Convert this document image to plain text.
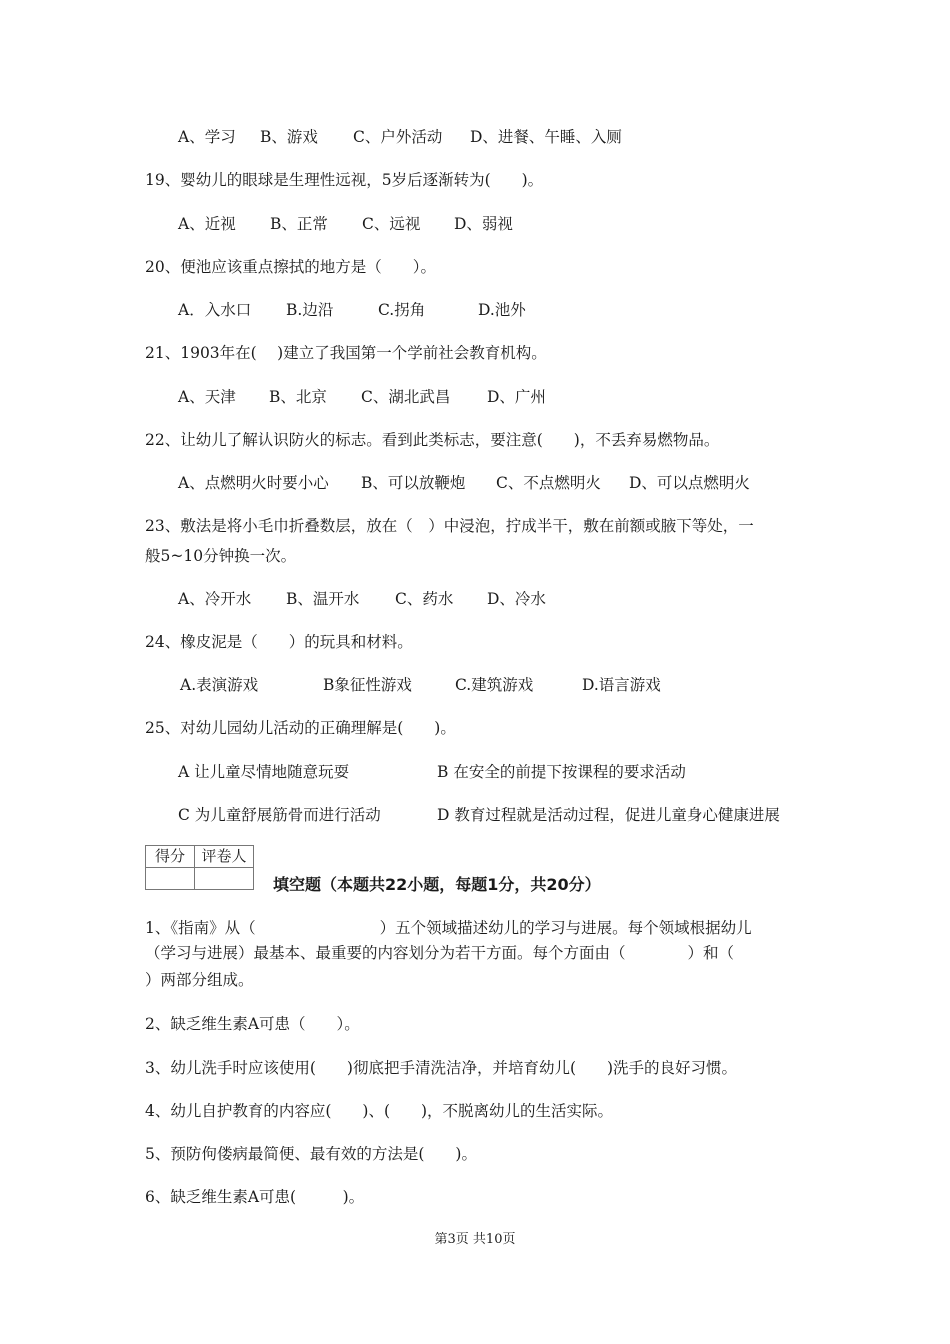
A、学习

B、游戏

C、户外活动

D、进餐、午睡、入厕

19、婴幼儿的眼球是生理性远视，5岁后逐渐转为(　　)。

A、近视

B、正常

C、远视

D、弱视

20、便池应该重点擦拭的地方是（　　）。

A．入水口

B.边沿

	C.拐角

	D.池外

21、1903年在(　 )建立了我国第一个学前社会教育机构。

A、天津

B、北京

C、湖北武昌

D、广州

22、让幼儿了解认识防火的标志。看到此类标志，要注意(　　)，不丢弃易燃物品。

A、点燃明火时要小心

B、可以放鞭炮

C、不点燃明火

D、可以点燃明火

23、敷法是将小毛巾折叠数层，放在（　）中浸泡，拧成半干，敷在前额或腋下等处，一
般5~10分钟换一次。

A、冷开水

B、温开水

C、药水

D、冷水

24、橡皮泥是（　　）的玩具和材料。

A.表演游戏

	B象征性游戏

	C.建筑游戏

	D.语言游戏

25、对幼儿园幼儿活动的正确理解是(　　)。

A 让儿童尽情地随意玩耍

	B 在安全的前提下按课程的要求活动

C 为儿童舒展筋骨而进行活动

	D 教育过程就是活动过程，促进儿童身心健康进展

得分	评卷人

填空题（本题共22小题，每题1分，共20分）
1、《指南》从（　　　　　　　　）五个领域描述幼儿的学习与进展。每个领域根据幼儿
（学习与进展）最基本、最重要的内容划分为若干方面。每个方面由（　　　　）和（
）两部分组成。
2、缺乏维生素A可患（　　）。
3、幼儿洗手时应该使用(　　)彻底把手清洗洁净，并培育幼儿(　　)洗手的良好习惯。
4、幼儿自护教育的内容应(　　)、(　　)，不脱离幼儿的生活实际。
5、预防佝偻病最简便、最有效的方法是(　　)。
6、缺乏维生素A可患(　　　)。
第3页 共10页
